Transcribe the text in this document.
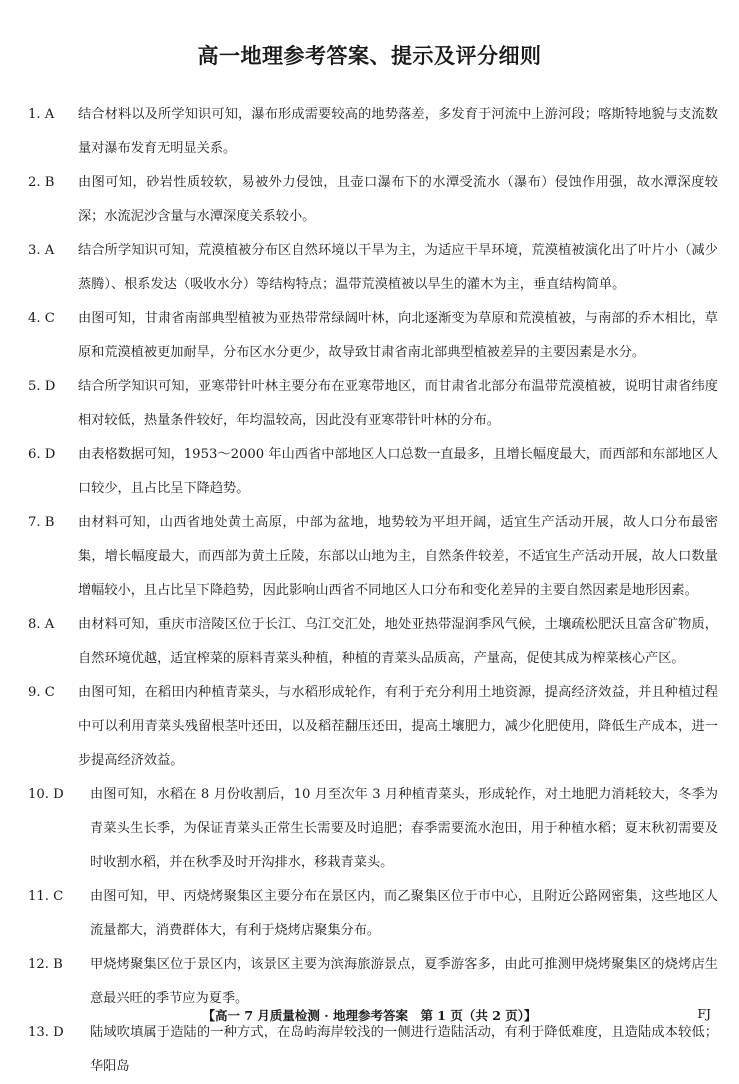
高一地理参考答案、提示及评分细则
1. A	结合材料以及所学知识可知，瀑布形成需要较高的地势落差，多发育于河流中上游河段；喀斯特地貌与支流数量对瀑布发育无明显关系。
2. B	由图可知，砂岩性质较软，易被外力侵蚀，且壶口瀑布下的水潭受流水（瀑布）侵蚀作用强，故水潭深度较深；水流泥沙含量与水潭深度关系较小。
3. A	结合所学知识可知，荒漠植被分布区自然环境以干旱为主，为适应干旱环境，荒漠植被演化出了叶片小（减少蒸腾）、根系发达（吸收水分）等结构特点；温带荒漠植被以旱生的灌木为主，垂直结构简单。
4. C	由图可知，甘肃省南部典型植被为亚热带常绿阔叶林，向北逐渐变为草原和荒漠植被，与南部的乔木相比，草原和荒漠植被更加耐旱，分布区水分更少，故导致甘肃省南北部典型植被差异的主要因素是水分。
5. D	结合所学知识可知，亚寒带针叶林主要分布在亚寒带地区，而甘肃省北部分布温带荒漠植被，说明甘肃省纬度相对较低，热量条件较好，年均温较高，因此没有亚寒带针叶林的分布。
6. D	由表格数据可知，1953～2000 年山西省中部地区人口总数一直最多，且增长幅度最大，而西部和东部地区人口较少，且占比呈下降趋势。
7. B	由材料可知，山西省地处黄土高原，中部为盆地，地势较为平坦开阔，适宜生产活动开展，故人口分布最密集，增长幅度最大，而西部为黄土丘陵，东部以山地为主，自然条件较差，不适宜生产活动开展，故人口数量增幅较小，且占比呈下降趋势，因此影响山西省不同地区人口分布和变化差异的主要自然因素是地形因素。
8. A	由材料可知，重庆市涪陵区位于长江、乌江交汇处，地处亚热带湿润季风气候，土壤疏松肥沃且富含矿物质，自然环境优越，适宜榨菜的原料青菜头种植，种植的青菜头品质高，产量高，促使其成为榨菜核心产区。
9. C	由图可知，在稻田内种植青菜头，与水稻形成轮作，有利于充分利用土地资源，提高经济效益，并且种植过程中可以利用青菜头残留根茎叶还田，以及稻茬翻压还田，提高土壤肥力，减少化肥使用，降低生产成本，进一步提高经济效益。
10. D	由图可知，水稻在 8 月份收割后，10 月至次年 3 月种植青菜头，形成轮作，对土地肥力消耗较大，冬季为青菜头生长季，为保证青菜头正常生长需要及时追肥；春季需要流水泡田，用于种植水稻；夏末秋初需要及时收割水稻，并在秋季及时开沟排水，移栽青菜头。
11. C	由图可知，甲、丙烧烤聚集区主要分布在景区内，而乙聚集区位于市中心，且附近公路网密集，这些地区人流量都大，消费群体大，有利于烧烤店聚集分布。
12. B	甲烧烤聚集区位于景区内，该景区主要为滨海旅游景点，夏季游客多，由此可推测甲烧烤聚集区的烧烤店生意最兴旺的季节应为夏季。
13. D	陆域吹填属于造陆的一种方式，在岛屿海岸较浅的一侧进行造陆活动，有利于降低难度，且造陆成本较低；华阳岛
【高一 7 月质量检测 · 地理参考答案　第 1 页（共 2 页）】	FJ
